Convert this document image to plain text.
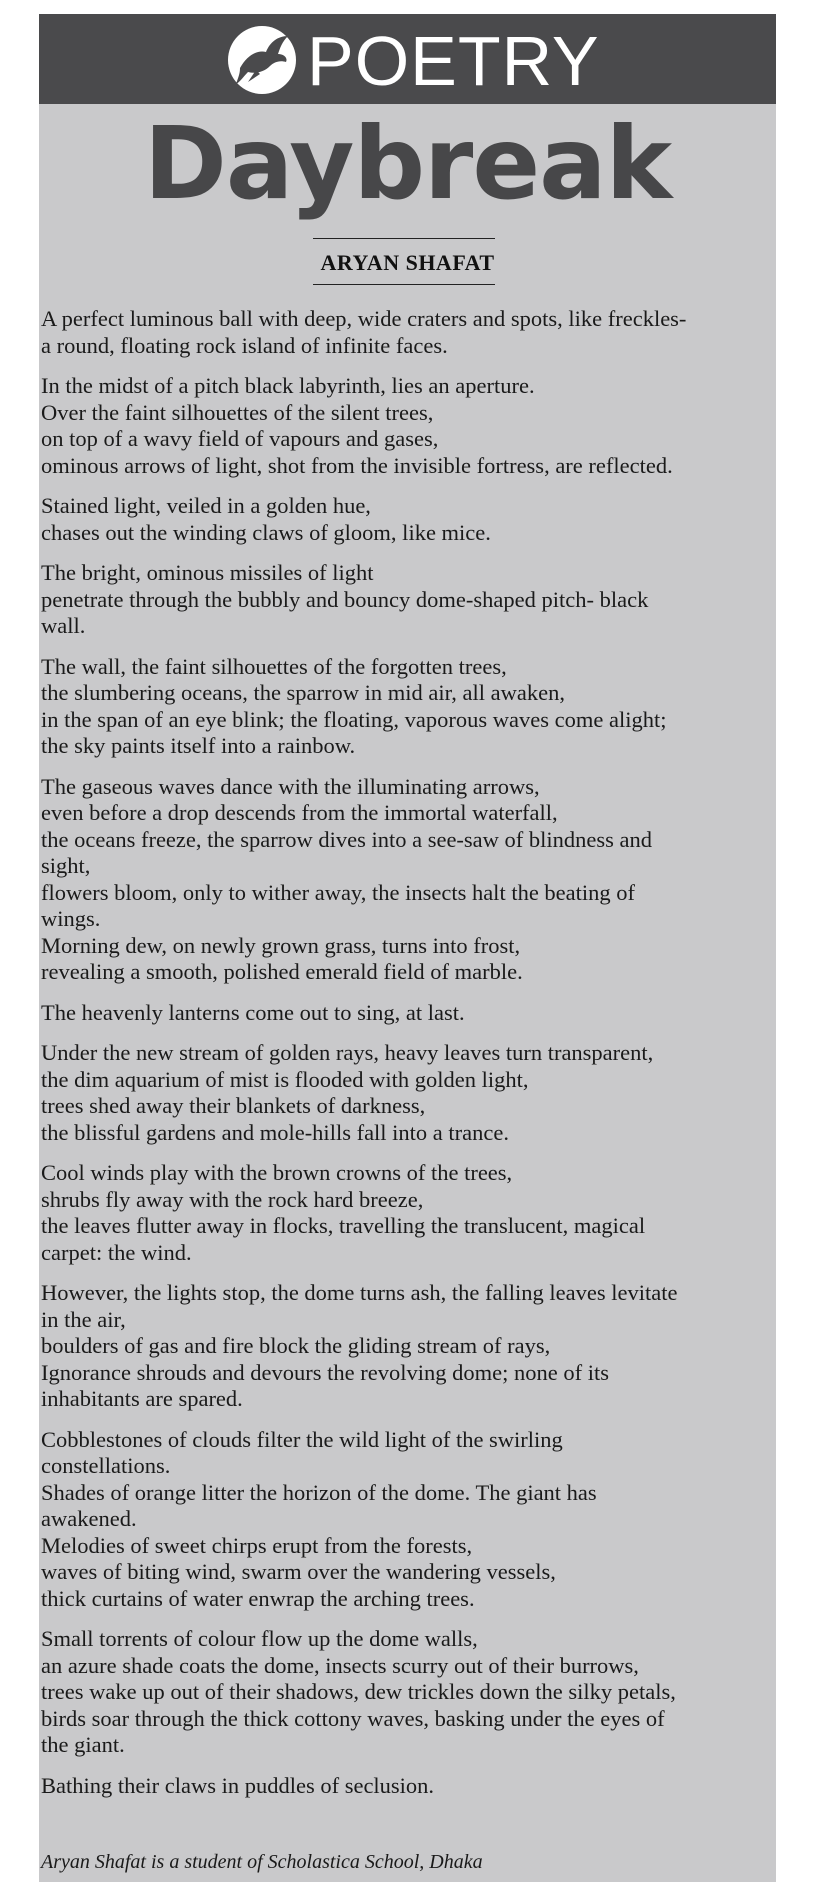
POETRY
Daybreak
ARYAN SHAFAT
A perfect luminous ball with deep, wide craters and spots, like freckles-
a round, floating rock island of infinite faces.
In the midst of a pitch black labyrinth, lies an aperture.
Over the faint silhouettes of the silent trees,
on top of a wavy field of vapours and gases,
ominous arrows of light, shot from the invisible fortress, are reflected.
Stained light, veiled in a golden hue,
chases out the winding claws of gloom, like mice.
The bright, ominous missiles of light
penetrate through the bubbly and bouncy dome-shaped pitch- black
wall.
The wall, the faint silhouettes of the forgotten trees,
the slumbering oceans, the sparrow in mid air, all awaken,
in the span of an eye blink; the floating, vaporous waves come alight;
the sky paints itself into a rainbow.
The gaseous waves dance with the illuminating arrows,
even before a drop descends from the immortal waterfall,
the oceans freeze, the sparrow dives into a see-saw of blindness and
sight,
flowers bloom, only to wither away, the insects halt the beating of
wings.
Morning dew, on newly grown grass, turns into frost,
revealing a smooth, polished emerald field of marble.
The heavenly lanterns come out to sing, at last.
Under the new stream of golden rays, heavy leaves turn transparent,
the dim aquarium of mist is flooded with golden light,
trees shed away their blankets of darkness,
the blissful gardens and mole-hills fall into a trance.
Cool winds play with the brown crowns of the trees,
shrubs fly away with the rock hard breeze,
the leaves flutter away in flocks, travelling the translucent, magical
carpet: the wind.
However, the lights stop, the dome turns ash, the falling leaves levitate
in the air,
boulders of gas and fire block the gliding stream of rays,
Ignorance shrouds and devours the revolving dome; none of its
inhabitants are spared.
Cobblestones of clouds filter the wild light of the swirling
constellations.
Shades of orange litter the horizon of the dome. The giant has
awakened.
Melodies of sweet chirps erupt from the forests,
waves of biting wind, swarm over the wandering vessels,
thick curtains of water enwrap the arching trees.
Small torrents of colour flow up the dome walls,
an azure shade coats the dome, insects scurry out of their burrows,
trees wake up out of their shadows, dew trickles down the silky petals,
birds soar through the thick cottony waves, basking under the eyes of
the giant.
Bathing their claws in puddles of seclusion.
Aryan Shafat is a student of Scholastica School, Dhaka
